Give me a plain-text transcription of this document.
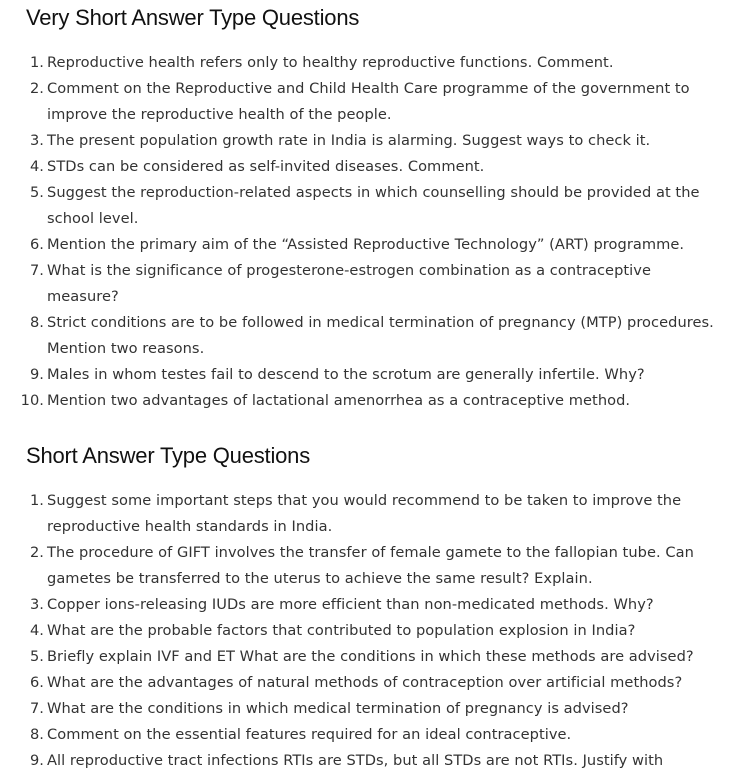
Very Short Answer Type Questions
1. Reproductive health refers only to healthy reproductive functions. Comment.
2. Comment on the Reproductive and Child Health Care programme of the government to improve the reproductive health of the people.
3. The present population growth rate in India is alarming. Suggest ways to check it.
4. STDs can be considered as self-invited diseases. Comment.
5. Suggest the reproduction-related aspects in which counselling should be provided at the school level.
6. Mention the primary aim of the “Assisted Reproductive Technology” (ART) programme.
7. What is the significance of progesterone-estrogen combination as a contraceptive measure?
8. Strict conditions are to be followed in medical termination of pregnancy (MTP) procedures. Mention two reasons.
9. Males in whom testes fail to descend to the scrotum are generally infertile. Why?
10. Mention two advantages of lactational amenorrhea as a contraceptive method.
Short Answer Type Questions
1. Suggest some important steps that you would recommend to be taken to improve the reproductive health standards in India.
2. The procedure of GIFT involves the transfer of female gamete to the fallopian tube. Can gametes be transferred to the uterus to achieve the same result? Explain.
3. Copper ions-releasing IUDs are more efficient than non-medicated methods. Why?
4. What are the probable factors that contributed to population explosion in India?
5. Briefly explain IVF and ET What are the conditions in which these methods are advised?
6. What are the advantages of natural methods of contraception over artificial methods?
7. What are the conditions in which medical termination of pregnancy is advised?
8. Comment on the essential features required for an ideal contraceptive.
9. All reproductive tract infections RTIs are STDs, but all STDs are not RTIs. Justify with
